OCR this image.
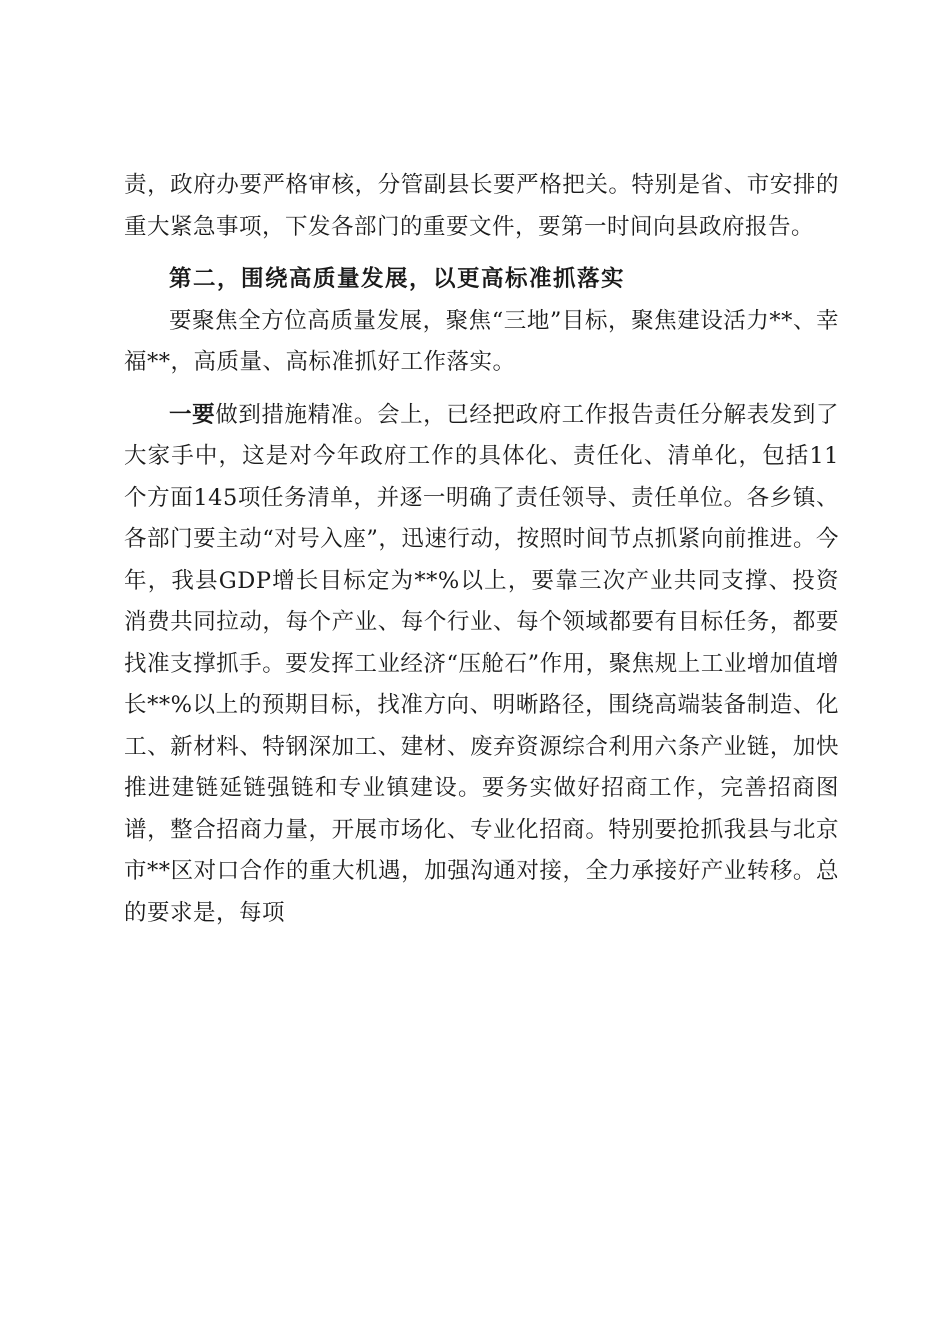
责，政府办要严格审核，分管副县长要严格把关。特别是省、市安排的重大紧急事项，下发各部门的重要文件，要第一时间向县政府报告。

第二，围绕高质量发展，以更高标准抓落实

要聚焦全方位高质量发展，聚焦“三地”目标，聚焦建设活力**、幸福**，高质量、高标准抓好工作落实。

一要做到措施精准。会上，已经把政府工作报告责任分解表发到了大家手中，这是对今年政府工作的具体化、责任化、清单化，包括11个方面145项任务清单，并逐一明确了责任领导、责任单位。各乡镇、各部门要主动“对号入座”，迅速行动，按照时间节点抓紧向前推进。今年，我县GDP增长目标定为**%以上，要靠三次产业共同支撑、投资消费共同拉动，每个产业、每个行业、每个领域都要有目标任务，都要找准支撑抓手。要发挥工业经济“压舱石”作用，聚焦规上工业增加值增长**%以上的预期目标，找准方向、明晰路径，围绕高端装备制造、化工、新材料、特钢深加工、建材、废弃资源综合利用六条产业链，加快推进建链延链强链和专业镇建设。要务实做好招商工作，完善招商图谱，整合招商力量，开展市场化、专业化招商。特别要抢抓我县与北京市**区对口合作的重大机遇，加强沟通对接，全力承接好产业转移。总的要求是，每项
